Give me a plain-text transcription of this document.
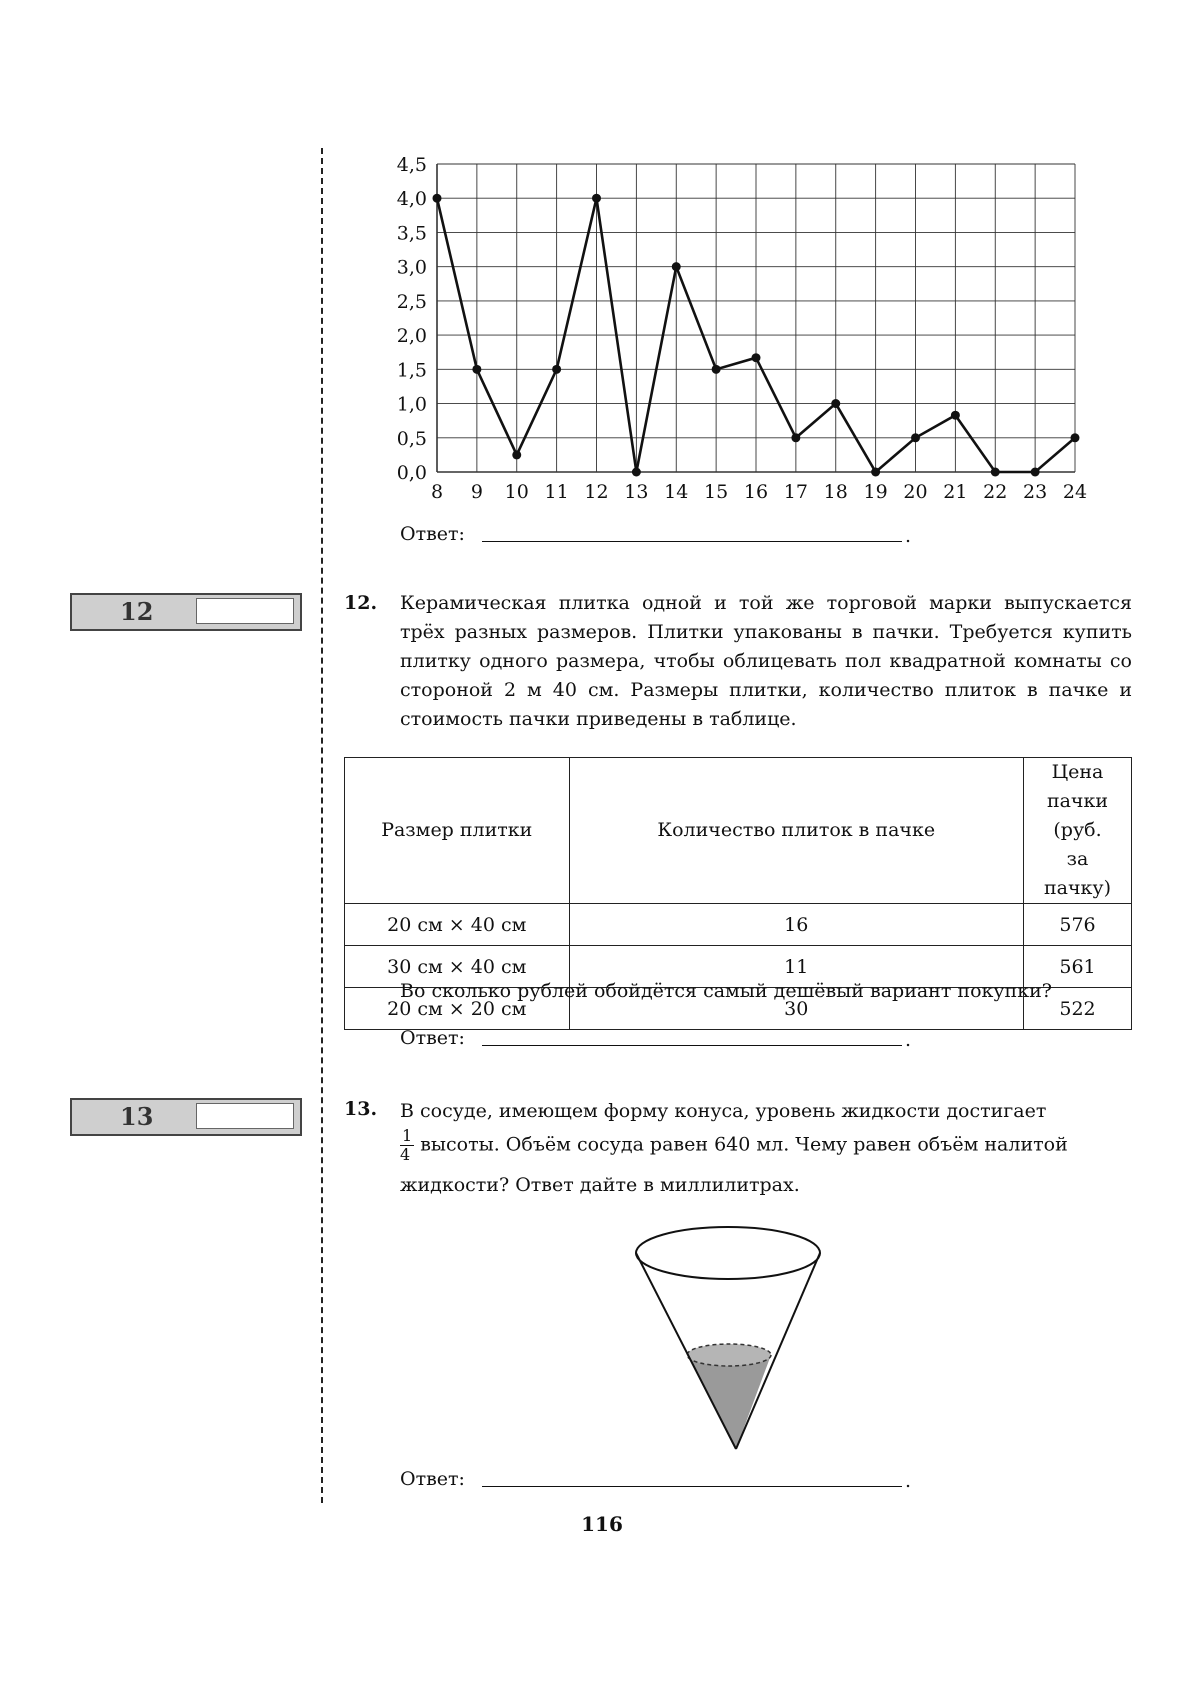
0,0
0,5
1,0
1,5
2,0
2,5
3,0
3,5
4,0
4,5
8 9 10 11 12 13 14 15 16 17 18 19 20 21 22 23 24
Ответ:	.
12	12. Керамическая плитка одной и той же торговой марки выпускается трёх разных размеров. Плитки упакованы в пачки. Требуется купить плитку одного размера, чтобы облицевать пол квадратной комнаты со стороной 2 м 40 см. Размеры плитки, количество плиток в пачке и стоимость пачки приведены в таблице.
Размер плитки	Количество плиток в пачке	Цена пачки (руб. за пачку)
20 см × 40 см	16	576
30 см × 40 см	11	561
20 см × 20 см	30	522
Во сколько рублей обойдётся самый дешёвый вариант покупки?
Ответ:	.
13	13. В сосуде, имеющем форму конуса, уровень жидкости достигает
$\frac{1}{4}$ высоты. Объём сосуда равен 640 мл. Чему равен объём налитой
жидкости? Ответ дайте в миллилитрах.
Ответ:	.
116
